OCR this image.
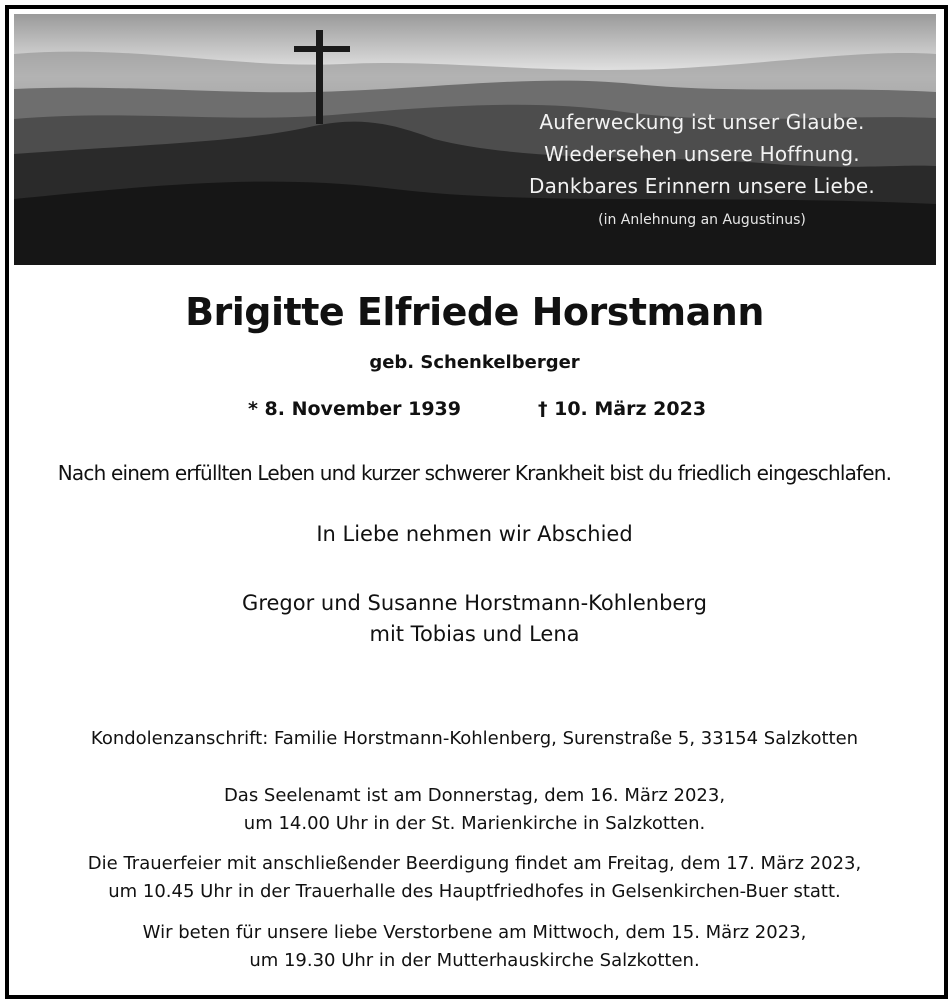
Auferweckung ist unser Glaube.
Wiedersehen unsere Hoffnung.
Dankbares Erinnern unsere Liebe.
(in Anlehnung an Augustinus)
Brigitte Elfriede Horstmann
geb. Schenkelberger
* 8. November 1939	† 10. März 2023
Nach einem erfüllten Leben und kurzer schwerer Krankheit bist du friedlich eingeschlafen.
In Liebe nehmen wir Abschied
Gregor und Susanne Horstmann-Kohlenberg
mit Tobias und Lena
Kondolenzanschrift: Familie Horstmann-Kohlenberg, Surenstraße 5, 33154 Salzkotten
Das Seelenamt ist am Donnerstag, dem 16. März 2023,
um 14.00 Uhr in der St. Marienkirche in Salzkotten.
Die Trauerfeier mit anschließender Beerdigung findet am Freitag, dem 17. März 2023,
um 10.45 Uhr in der Trauerhalle des Hauptfriedhofes in Gelsenkirchen-Buer statt.
Wir beten für unsere liebe Verstorbene am Mittwoch, dem 15. März 2023,
um 19.30 Uhr in der Mutterhauskirche Salzkotten.
